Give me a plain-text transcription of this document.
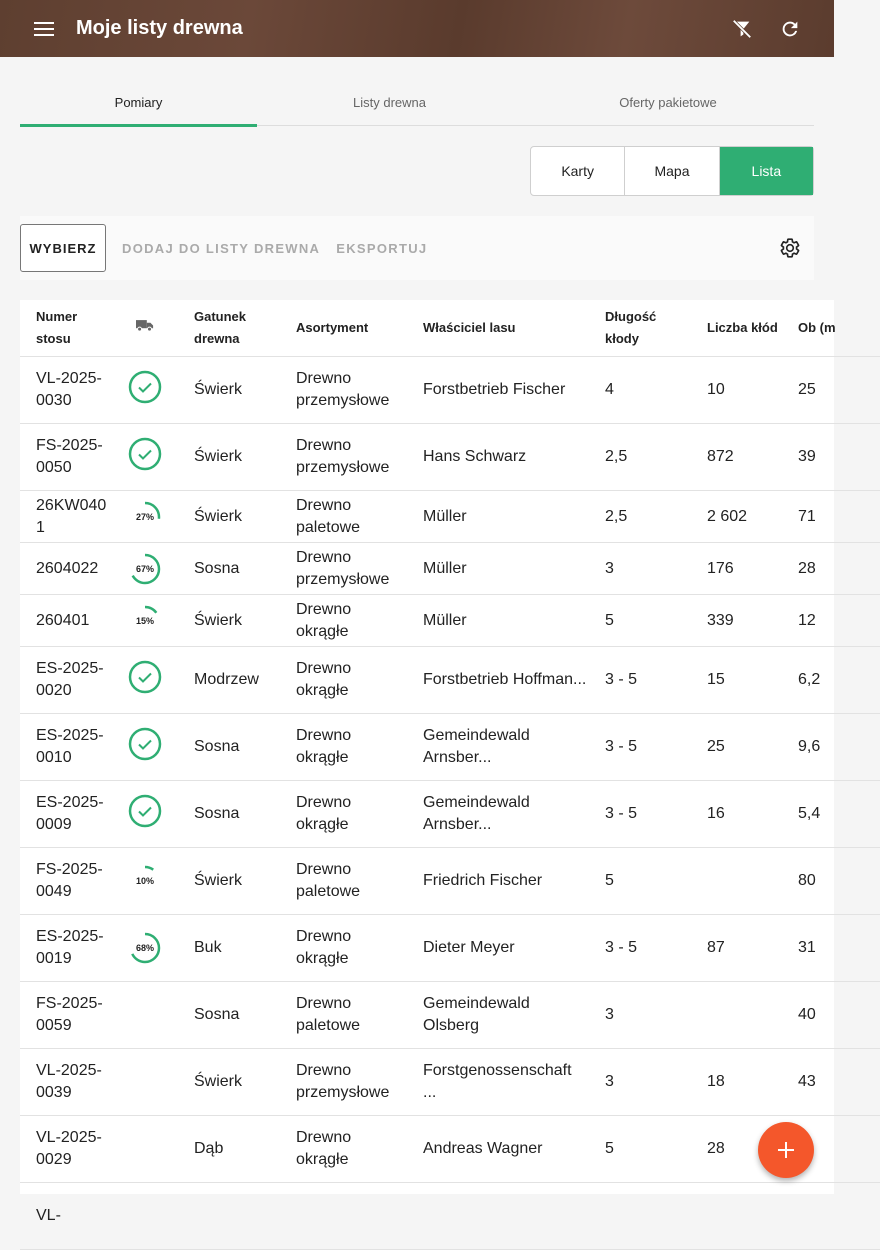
Moje listy drewna
Pomiary	Listy drewna	Oferty pakietowe
Karty	Mapa	Lista
WYBIERZ	DODAJ DO LISTY DREWNA EKSPORTUJ
Numer stosu		Gatunek drewna	Asortyment	Właściciel lasu	Długość kłody	Liczba kłód	Ob (m
VL-2025-0030		Świerk	Drewno przemysłowe	Forstbetrieb Fischer	4	10	25
FS-2025-0050		Świerk	Drewno przemysłowe	Hans Schwarz	2,5	872	39
26KW0401	27%	Świerk	Drewno paletowe	Müller	2,5	2 602	71
2604022	67%	Sosna	Drewno przemysłowe	Müller	3	176	28
260401	15%	Świerk	Drewno okrągłe	Müller	5	339	12
ES-2025-0020		Modrzew	Drewno okrągłe	Forstbetrieb Hoffman...	3 - 5	15	6,2
ES-2025-0010		Sosna	Drewno okrągłe	Gemeindewald Arnsber...	3 - 5	25	9,6
ES-2025-0009		Sosna	Drewno okrągłe	Gemeindewald Arnsber...	3 - 5	16	5,4
FS-2025-0049	10%	Świerk	Drewno paletowe	Friedrich Fischer	5		80
ES-2025-0019	68%	Buk	Drewno okrągłe	Dieter Meyer	3 - 5	87	31
FS-2025-0059		Sosna	Drewno paletowe	Gemeindewald Olsberg	3		40
VL-2025-0039		Świerk	Drewno przemysłowe	Forstgenossenschaft ...	3	18	43
VL-2025-0029		Dąb	Drewno okrągłe	Andreas Wagner	5	28	
VL-							
